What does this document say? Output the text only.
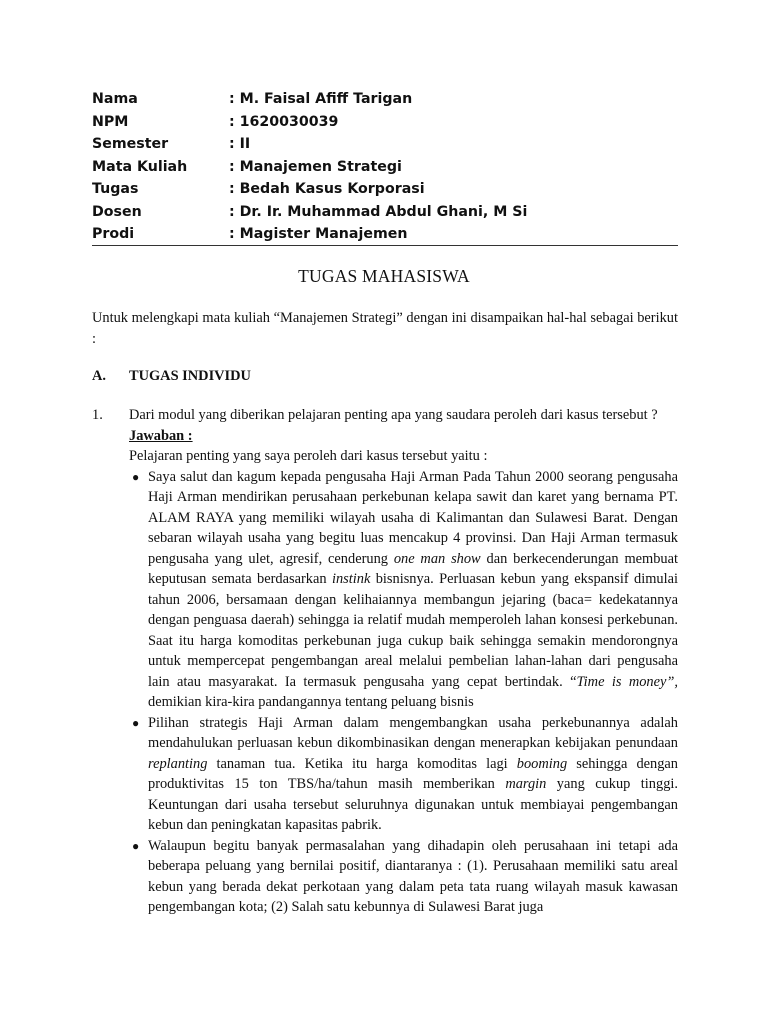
Nama	: M. Faisal Afiff Tarigan
NPM	: 1620030039
Semester	: II
Mata Kuliah	: Manajemen Strategi
Tugas	: Bedah Kasus Korporasi
Dosen	: Dr. Ir. Muhammad Abdul Ghani, M Si
Prodi	: Magister Manajemen
TUGAS MAHASISWA
Untuk melengkapi mata kuliah “Manajemen Strategi” dengan ini disampaikan hal-hal sebagai berikut :
A. TUGAS INDIVIDU
1. Dari modul yang diberikan pelajaran penting apa yang saudara peroleh dari kasus tersebut ?

Jawaban :

Pelajaran penting yang saya peroleh dari kasus tersebut yaitu :

● Saya salut dan kagum kepada pengusaha Haji Arman Pada Tahun 2000 seorang pengusaha Haji Arman mendirikan perusahaan perkebunan kelapa sawit dan karet yang bernama PT. ALAM RAYA yang memiliki wilayah usaha di Kalimantan dan Sulawesi Barat. Dengan sebaran wilayah usaha yang begitu luas mencakup 4 provinsi. Dan Haji Arman termasuk pengusaha yang ulet, agresif, cenderung one man show dan berkecenderungan membuat keputusan semata berdasarkan instink bisnisnya. Perluasan kebun yang ekspansif dimulai tahun 2006, bersamaan dengan kelihaiannya membangun jejaring (baca= kedekatannya dengan penguasa daerah) sehingga ia relatif mudah memperoleh lahan konsesi perkebunan. Saat itu harga komoditas perkebunan juga cukup baik sehingga semakin mendorongnya untuk mempercepat pengembangan areal melalui pembelian lahan-lahan dari pengusaha lain atau masyarakat. Ia termasuk pengusaha yang cepat bertindak. “Time is money”, demikian kira-kira pandangannya tentang peluang bisnis
● Pilihan strategis Haji Arman dalam mengembangkan usaha perkebunannya adalah mendahulukan perluasan kebun dikombinasikan dengan menerapkan kebijakan penundaan replanting tanaman tua. Ketika itu harga komoditas lagi booming sehingga dengan produktivitas 15 ton TBS/ha/tahun masih memberikan margin yang cukup tinggi. Keuntungan dari usaha tersebut seluruhnya digunakan untuk membiayai pengembangan kebun dan peningkatan kapasitas pabrik.
● Walaupun begitu banyak permasalahan yang dihadapin oleh perusahaan ini tetapi ada beberapa peluang yang bernilai positif, diantaranya : (1). Perusahaan memiliki satu areal kebun yang berada dekat perkotaan yang dalam peta tata ruang wilayah masuk kawasan pengembangan kota; (2) Salah satu kebunnya di Sulawesi Barat juga
